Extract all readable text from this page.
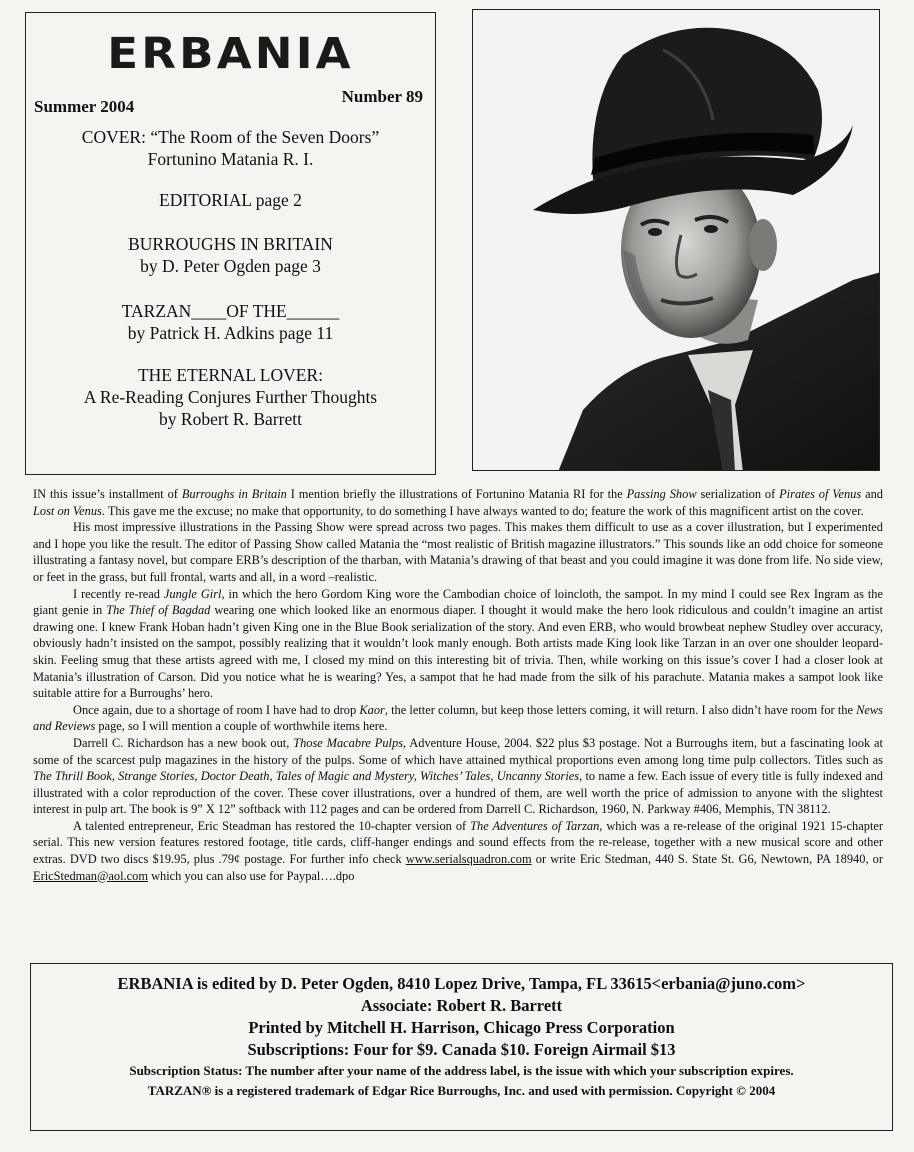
ERBANIA
Summer 2004
Number 89
COVER: “The Room of the Seven Doors”
Fortunino Matania R. I.
EDITORIAL page 2
BURROUGHS IN BRITAIN
by D. Peter Ogden page 3
TARZAN____OF THE______
by Patrick H. Adkins page 11
THE ETERNAL LOVER:
A Re-Reading Conjures Further Thoughts
by Robert R. Barrett

IN this issue’s installment of Burroughs in Britain I mention briefly the illustrations of Fortunino Matania RI for the Passing Show serialization of Pirates of Venus and Lost on Venus. This gave me the excuse; no make that opportunity, to do something I have always wanted to do; feature the work of this magnificent artist on the cover.

His most impressive illustrations in the Passing Show were spread across two pages. This makes them difficult to use as a cover illustration, but I experimented and I hope you like the result. The editor of Passing Show called Matania the “most realistic of British magazine illustrators.” This sounds like an odd choice for someone illustrating a fantasy novel, but compare ERB’s description of the tharban, with Matania’s drawing of that beast and you could imagine it was done from life. No side view, or feet in the grass, but full frontal, warts and all, in a word –realistic.

I recently re-read Jungle Girl, in which the hero Gordom King wore the Cambodian choice of loincloth, the sampot. In my mind I could see Rex Ingram as the giant genie in The Thief of Bagdad wearing one which looked like an enormous diaper. I thought it would make the hero look ridiculous and couldn’t imagine an artist drawing one. I knew Frank Hoban hadn’t given King one in the Blue Book serialization of the story. And even ERB, who would browbeat nephew Studley over accuracy, obviously hadn’t insisted on the sampot, possibly realizing that it wouldn’t look manly enough. Both artists made King look like Tarzan in an over one shoulder leopard-skin. Feeling smug that these artists agreed with me, I closed my mind on this interesting bit of trivia. Then, while working on this issue’s cover I had a closer look at Matania’s illustration of Carson. Did you notice what he is wearing? Yes, a sampot that he had made from the silk of his parachute. Matania makes a sampot look like suitable attire for a Burroughs’ hero.

Once again, due to a shortage of room I have had to drop Kaor, the letter column, but keep those letters coming, it will return. I also didn’t have room for the News and Reviews page, so I will mention a couple of worthwhile items here.

Darrell C. Richardson has a new book out, Those Macabre Pulps, Adventure House, 2004. $22 plus $3 postage. Not a Burroughs item, but a fascinating look at some of the scarcest pulp magazines in the history of the pulps. Some of which have attained mythical proportions even among long time pulp collectors. Titles such as The Thrill Book, Strange Stories, Doctor Death, Tales of Magic and Mystery, Witches’ Tales, Uncanny Stories, to name a few. Each issue of every title is fully indexed and illustrated with a color reproduction of the cover. These cover illustrations, over a hundred of them, are well worth the price of admission to anyone with the slightest interest in pulp art. The book is 9” X 12” softback with 112 pages and can be ordered from Darrell C. Richardson, 1960, N. Parkway #406, Memphis, TN 38112.

A talented entrepreneur, Eric Steadman has restored the 10-chapter version of The Adventures of Tarzan, which was a re-release of the original 1921 15-chapter serial. This new version features restored footage, title cards, cliff-hanger endings and sound effects from the re-release, together with a new musical score and other extras. DVD two discs $19.95, plus .79¢ postage. For further info check www.serialsquadron.com or write Eric Stedman, 440 S. State St. G6, Newtown, PA 18940, or EricStedman@aol.com which you can also use for Paypal….dpo

ERBANIA is edited by D. Peter Ogden, 8410 Lopez Drive, Tampa, FL 33615<erbania@juno.com>
Associate: Robert R. Barrett
Printed by Mitchell H. Harrison, Chicago Press Corporation
Subscriptions: Four for $9. Canada $10. Foreign Airmail $13
Subscription Status: The number after your name of the address label, is the issue with which your subscription expires.
TARZAN® is a registered trademark of Edgar Rice Burroughs, Inc. and used with permission. Copyright © 2004
